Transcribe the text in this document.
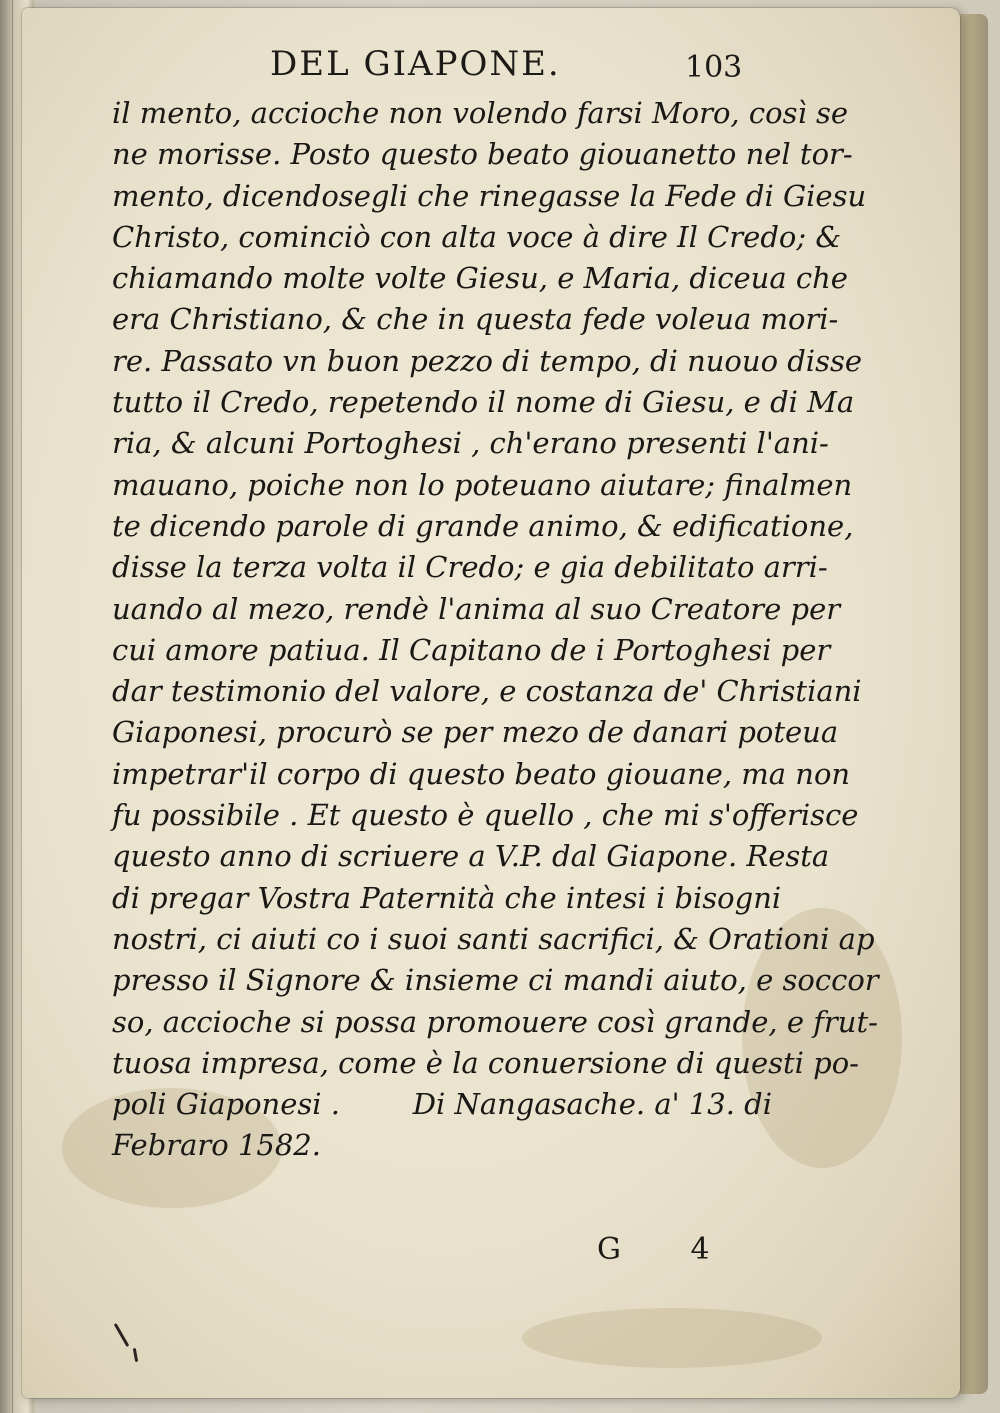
DEL GIAPONE.	103
il mento, acciochе non volendo farsi Moro, così se
ne morisse. Posto questo beato giouanetto nel tor-
mento, dicendosegli che rinegasse la Fede di Giesu
Christo, cominciò con alta voce à dire Il Credo; &
chiamando molte volte Giesu, e Maria, diceua che
era Christiano, & che in questa fede voleua mori-
re. Passato vn buon pezzo di tempo, di nuouo disse
tutto il Credo, repetendo il nome di Giesu, e di Ma
ria, & alcuni Portoghesi , ch'erano presenti l'ani-
mauano, poiche non lo poteuano aiutare; finalmen
te dicendo parole di grande animo, & edificatione,
disse la terza volta il Credo; e gia debilitato arri-
uando al mezo, rendè l'anima al suo Creatore per
cui amore patiua. Il Capitano de i Portoghesi per
dar testimonio del valore, e costanza de' Christiani
Giaponesi, procurò se per mezo de danari poteua
impetrar'il corpo di questo beato giouane, ma non
fu possibile . Et questo è quello , che mi s'offerisce
questo anno di scriuere a V.P. dal Giapone. Resta
di pregar Vostra Paternità che intesi i bisogni
nostri, ci aiuti co i suoi santi sacrifici, & Orationi ap
presso il Signore & insieme ci mandi aiuto, e soccor
so, acciochе si possa promouere così grande, e frut-
tuosa impresa, come è la conuersione di questi po-
poli Giaponesi .	Di Nangasache. a' 13. di
Febraro 1582.
G 4
